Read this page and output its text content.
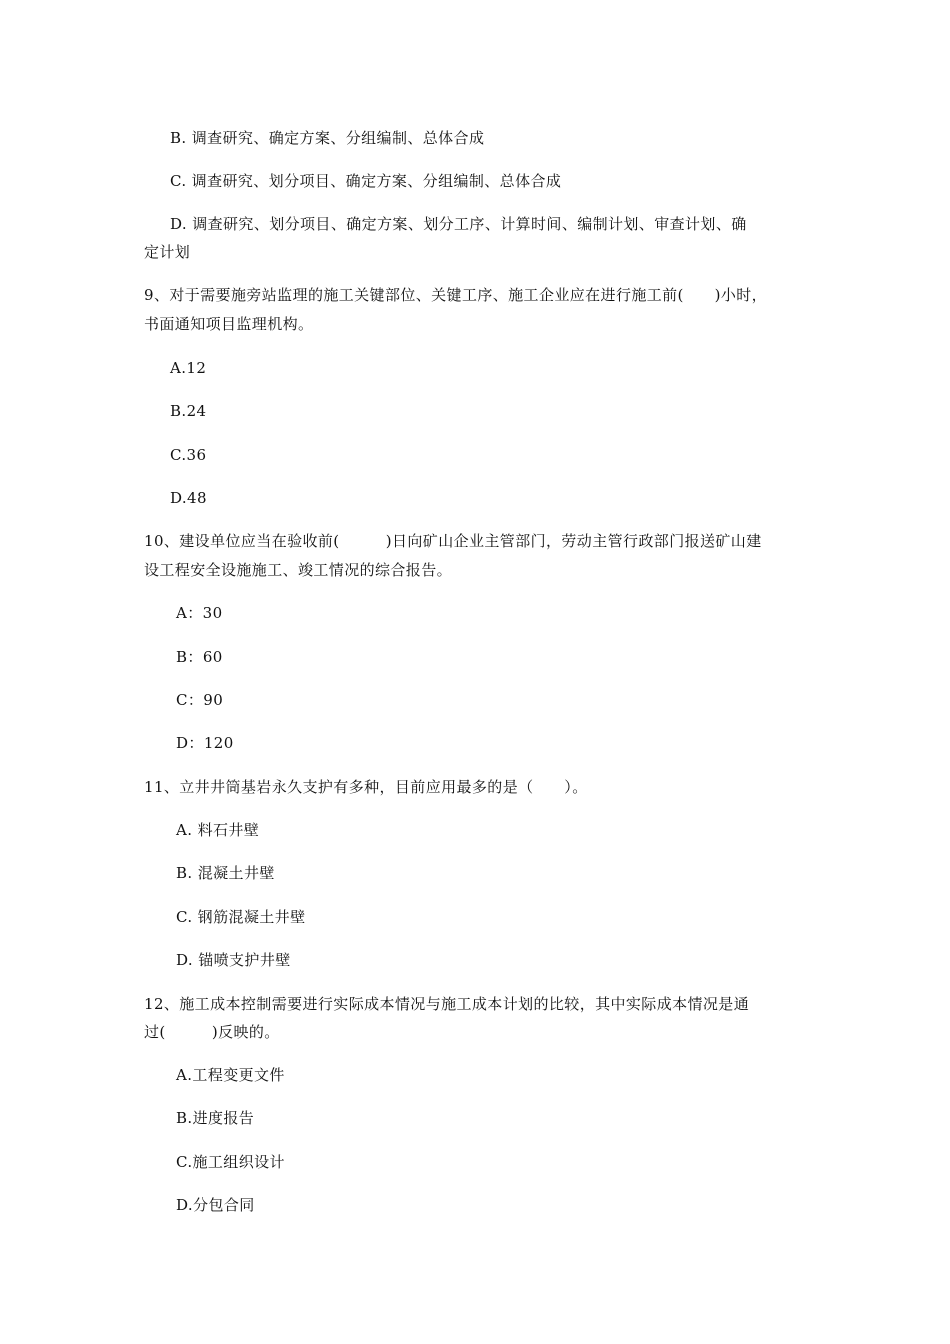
B. 调查研究、确定方案、分组编制、总体合成
C. 调查研究、划分项目、确定方案、分组编制、总体合成
D. 调查研究、划分项目、确定方案、划分工序、计算时间、编制计划、审查计划、确
定计划
9、对于需要施旁站监理的施工关键部位、关键工序、施工企业应在进行施工前(　　)小时，
书面通知项目监理机构。
A.12
B.24
C.36
D.48
10、建设单位应当在验收前(　　　)日向矿山企业主管部门，劳动主管行政部门报送矿山建
设工程安全设施施工、竣工情况的综合报告。
A：30
B：60
C：90
D：120
11、立井井筒基岩永久支护有多种，目前应用最多的是（　　）。
A. 料石井壁
B. 混凝土井壁
C. 钢筋混凝土井壁
D. 锚喷支护井壁
12、施工成本控制需要进行实际成本情况与施工成本计划的比较，其中实际成本情况是通
过(　　　)反映的。
A.工程变更文件
B.进度报告
C.施工组织设计
D.分包合同
